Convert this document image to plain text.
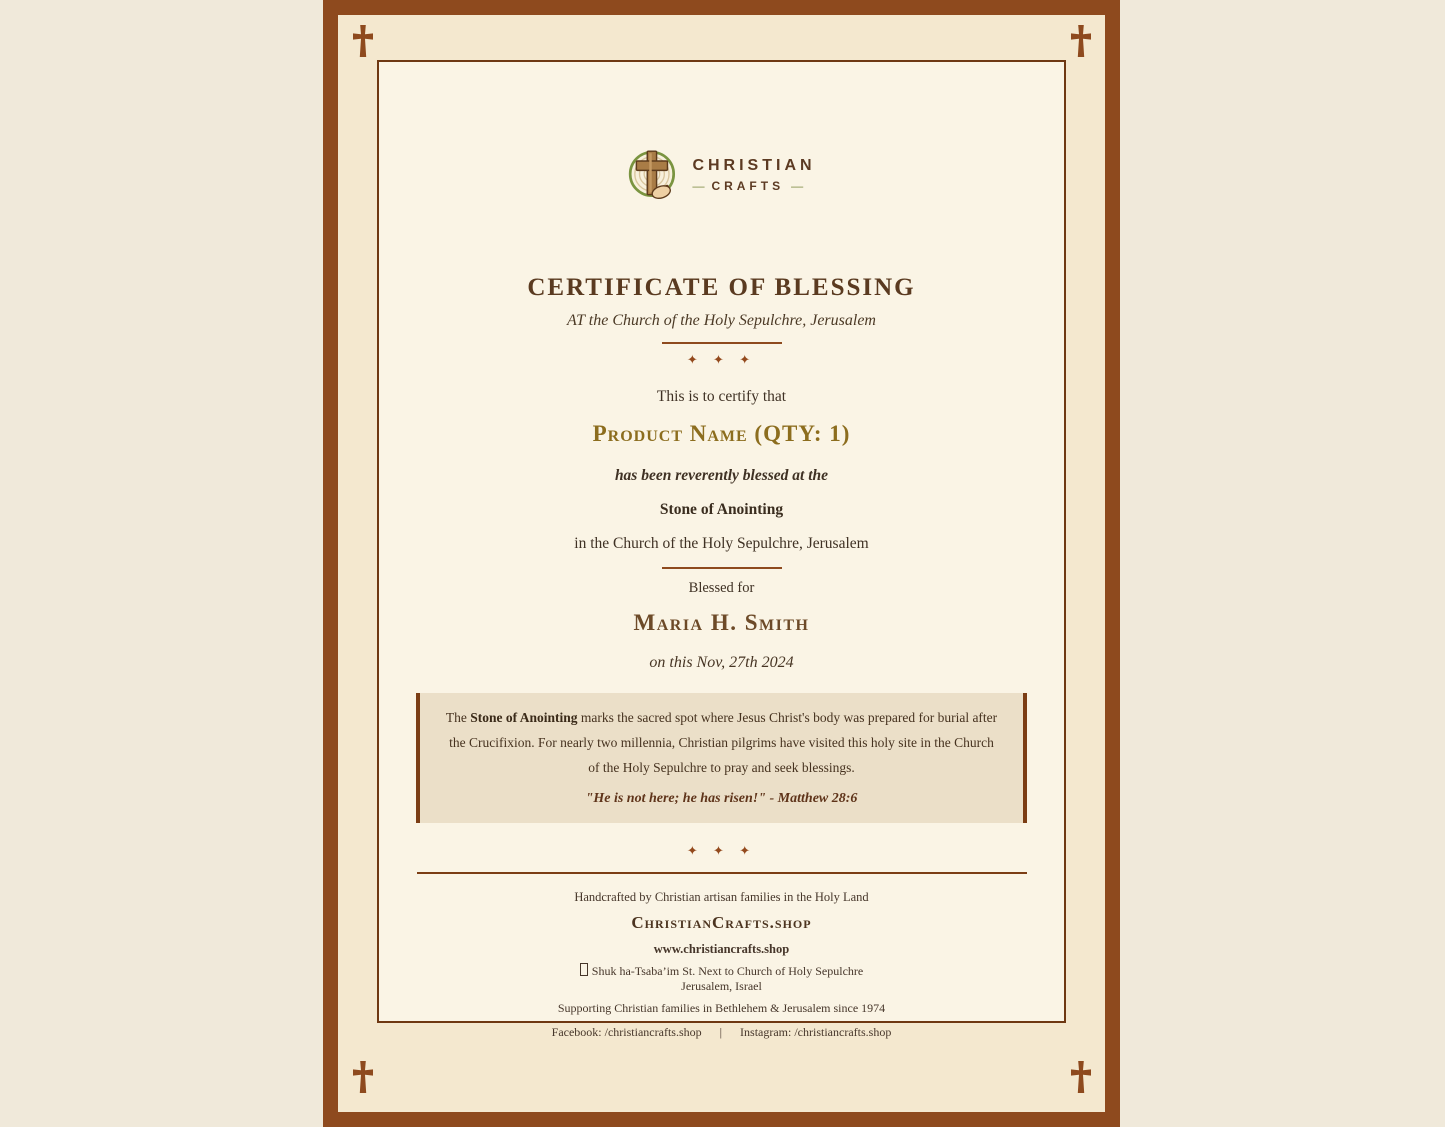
CHRISTIAN
— CRAFTS —
CERTIFICATE OF BLESSING
AT the Church of the Holy Sepulchre, Jerusalem
✦ ✦ ✦
This is to certify that
Product Name (QTY: 1)
has been reverently blessed at the
Stone of Anointing
in the Church of the Holy Sepulchre, Jerusalem
Blessed for
Maria H. Smith
on this Nov, 27th 2024
The Stone of Anointing marks the sacred spot where Jesus Christ's body was prepared for burial after the Crucifixion. For nearly two millennia, Christian pilgrims have visited this holy site in the Church of the Holy Sepulchre to pray and seek blessings.
"He is not here; he has risen!" - Matthew 28:6
✦ ✦ ✦
Handcrafted by Christian artisan families in the Holy Land
ChristianCrafts.shop
www.christiancrafts.shop
Shuk ha-Tsaba’im St. Next to Church of Holy Sepulchre
Jerusalem, Israel
Supporting Christian families in Bethlehem & Jerusalem since 1974
Facebook: /christiancrafts.shop | Instagram: /christiancrafts.shop
